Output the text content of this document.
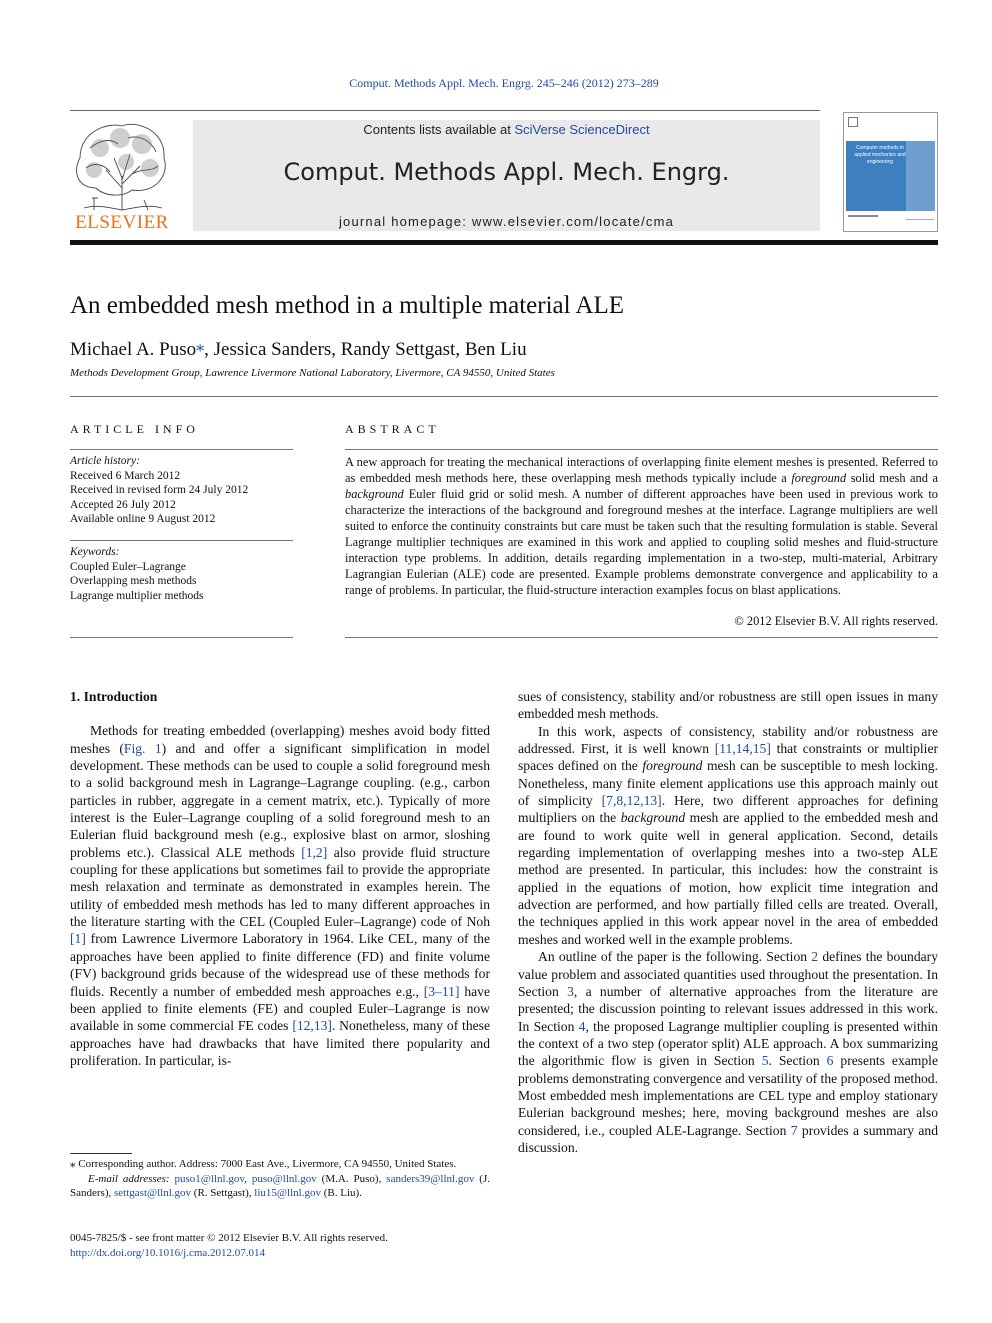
Comput. Methods Appl. Mech. Engrg. 245–246 (2012) 273–289
ELSEVIER
Contents lists available at SciVerse ScienceDirect
Comput. Methods Appl. Mech. Engrg.
journal homepage: www.elsevier.com/locate/cma
Computer methods in applied mechanics and engineering
An embedded mesh method in a multiple material ALE
Michael A. Puso⁎, Jessica Sanders, Randy Settgast, Ben Liu
Methods Development Group, Lawrence Livermore National Laboratory, Livermore, CA 94550, United States
ARTICLE INFO	ABSTRACT
Article history:
Received 6 March 2012
Received in revised form 24 July 2012
Accepted 26 July 2012
Available online 9 August 2012
Keywords:
Coupled Euler–Lagrange
Overlapping mesh methods
Lagrange multiplier methods
A new approach for treating the mechanical interactions of overlapping finite element meshes is presented. Referred to as embedded mesh methods here, these overlapping mesh methods typically include a foreground solid mesh and a background Euler fluid grid or solid mesh. A number of different approaches have been used in previous work to characterize the interactions of the background and foreground meshes at the interface. Lagrange multipliers are well suited to enforce the continuity constraints but care must be taken such that the resulting formulation is stable. Several Lagrange multiplier techniques are examined in this work and applied to coupling solid meshes and fluid-structure interaction type problems. In addition, details regarding implementation in a two-step, multi-material, Arbitrary Lagrangian Eulerian (ALE) code are presented. Example problems demonstrate convergence and applicability to a range of problems. In particular, the fluid-structure interaction examples focus on blast applications.
© 2012 Elsevier B.V. All rights reserved.
1. Introduction

Methods for treating embedded (overlapping) meshes avoid body fitted meshes (Fig. 1) and and offer a significant simplification in model development. These methods can be used to couple a solid foreground mesh to a solid background mesh in Lagrange–Lagrange coupling. (e.g., carbon particles in rubber, aggregate in a cement matrix, etc.). Typically of more interest is the Euler–Lagrange coupling of a solid foreground mesh to an Eulerian fluid background mesh (e.g., explosive blast on armor, sloshing problems etc.). Classical ALE methods [1,2] also provide fluid structure coupling for these applications but sometimes fail to provide the appropriate mesh relaxation and terminate as demonstrated in examples herein. The utility of embedded mesh methods has led to many different approaches in the literature starting with the CEL (Coupled Euler–Lagrange) code of Noh [1] from Lawrence Livermore Laboratory in 1964. Like CEL, many of the approaches have been applied to finite difference (FD) and finite volume (FV) background grids because of the widespread use of these methods for fluids. Recently a number of embedded mesh approaches e.g., [3–11] have been applied to finite elements (FE) and coupled Euler–Lagrange is now available in some commercial FE codes [12,13]. Nonetheless, many of these approaches have had drawbacks that have limited there popularity and proliferation. In particular, is-

sues of consistency, stability and/or robustness are still open issues in many embedded mesh methods.

In this work, aspects of consistency, stability and/or robustness are addressed. First, it is well known [11,14,15] that constraints or multiplier spaces defined on the foreground mesh can be susceptible to mesh locking. Nonetheless, many finite element applications use this approach mainly out of simplicity [7,8,12,13]. Here, two different approaches for defining multipliers on the background mesh are applied to the embedded mesh and are found to work quite well in general application. Second, details regarding implementation of overlapping meshes into a two-step ALE method are presented. In particular, this includes: how the constraint is applied in the equations of motion, how explicit time integration and advection are performed, and how partially filled cells are treated. Overall, the techniques applied in this work appear novel in the area of embedded meshes and worked well in the example problems.

An outline of the paper is the following. Section 2 defines the boundary value problem and associated quantities used throughout the presentation. In Section 3, a number of alternative approaches from the literature are presented; the discussion pointing to relevant issues addressed in this work. In Section 4, the proposed Lagrange multiplier coupling is presented within the context of a two step (operator split) ALE approach. A box summarizing the algorithmic flow is given in Section 5. Section 6 presents example problems demonstrating convergence and versatility of the proposed method. Most embedded mesh implementations are CEL type and employ stationary Eulerian background meshes; here, moving background meshes are also considered, i.e., coupled ALE-Lagrange. Section 7 provides a summary and discussion.

⁎ Corresponding author. Address: 7000 East Ave., Livermore, CA 94550, United States.
E-mail addresses: puso1@llnl.gov, puso@llnl.gov (M.A. Puso), sanders39@llnl.gov (J. Sanders), settgast@llnl.gov (R. Settgast), liu15@llnl.gov (B. Liu).
0045-7825/$ - see front matter © 2012 Elsevier B.V. All rights reserved.
http://dx.doi.org/10.1016/j.cma.2012.07.014
